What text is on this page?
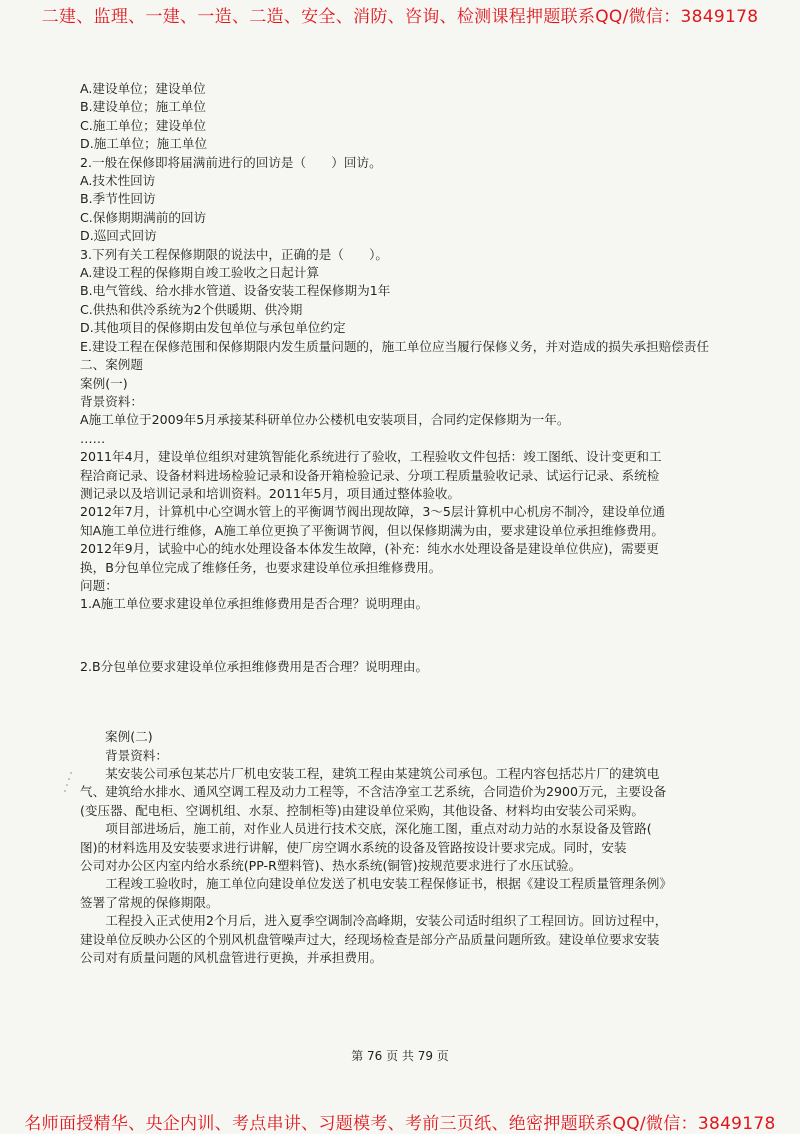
二建、监理、一建、一造、二造、安全、消防、咨询、检测课程押题联系QQ/微信：3849178
A.建设单位；建设单位
B.建设单位；施工单位
C.施工单位；建设单位
D.施工单位；施工单位
2.一般在保修即将届满前进行的回访是（　　）回访。
A.技术性回访
B.季节性回访
C.保修期期满前的回访
D.巡回式回访
3.下列有关工程保修期限的说法中，正确的是（　　）。
A.建设工程的保修期自竣工验收之日起计算
B.电气管线、给水排水管道、设备安装工程保修期为1年
C.供热和供冷系统为2个供暖期、供冷期
D.其他项目的保修期由发包单位与承包单位约定
E.建设工程在保修范围和保修期限内发生质量问题的，施工单位应当履行保修义务，并对造成的损失承担赔偿责任
二、案例题
案例(一)
背景资料：
A施工单位于2009年5月承接某科研单位办公楼机电安装项目，合同约定保修期为一年。
……
2011年4月，建设单位组织对建筑智能化系统进行了验收，工程验收文件包括：竣工图纸、设计变更和工
程洽商记录、设备材料进场检验记录和设备开箱检验记录、分项工程质量验收记录、试运行记录、系统检
测记录以及培训记录和培训资料。2011年5月，项目通过整体验收。
2012年7月，计算机中心空调水管上的平衡调节阀出现故障，3～5层计算机中心机房不制冷，建设单位通
知A施工单位进行维修，A施工单位更换了平衡调节阀，但以保修期满为由，要求建设单位承担维修费用。
2012年9月，试验中心的纯水处理设备本体发生故障，(补充：纯水水处理设备是建设单位供应)，需要更
换，B分包单位完成了维修任务，也要求建设单位承担维修费用。
问题：
1.A施工单位要求建设单位承担维修费用是否合理？说明理由。
2.B分包单位要求建设单位承担维修费用是否合理？说明理由。
案例(二)
背景资料：
　　某安装公司承包某芯片厂机电安装工程，建筑工程由某建筑公司承包。工程内容包括芯片厂的建筑电
气、建筑给水排水、通风空调工程及动力工程等，不含洁净室工艺系统，合同造价为2900万元，主要设备
(变压器、配电柜、空调机组、水泵、控制柜等)由建设单位采购，其他设备、材料均由安装公司采购。
　　项目部进场后，施工前，对作业人员进行技术交底，深化施工图，重点对动力站的水泵设备及管路(
图)的材料选用及安装要求进行讲解，使厂房空调水系统的设备及管路按设计要求完成。同时，安装
公司对办公区内室内给水系统(PP-R塑料管)、热水系统(铜管)按规范要求进行了水压试验。
　　工程竣工验收时，施工单位向建设单位发送了机电安装工程保修证书，根据《建设工程质量管理条例》
签署了常规的保修期限。
　　工程投入正式使用2个月后，进入夏季空调制冷高峰期，安装公司适时组织了工程回访。回访过程中，
建设单位反映办公区的个别风机盘管噪声过大，经现场检查是部分产品质量问题所致。建设单位要求安装
公司对有质量问题的风机盘管进行更换，并承担费用。
第 76 页 共 79 页
名师面授精华、央企内训、考点串讲、习题模考、考前三页纸、绝密押题联系QQ/微信：3849178
